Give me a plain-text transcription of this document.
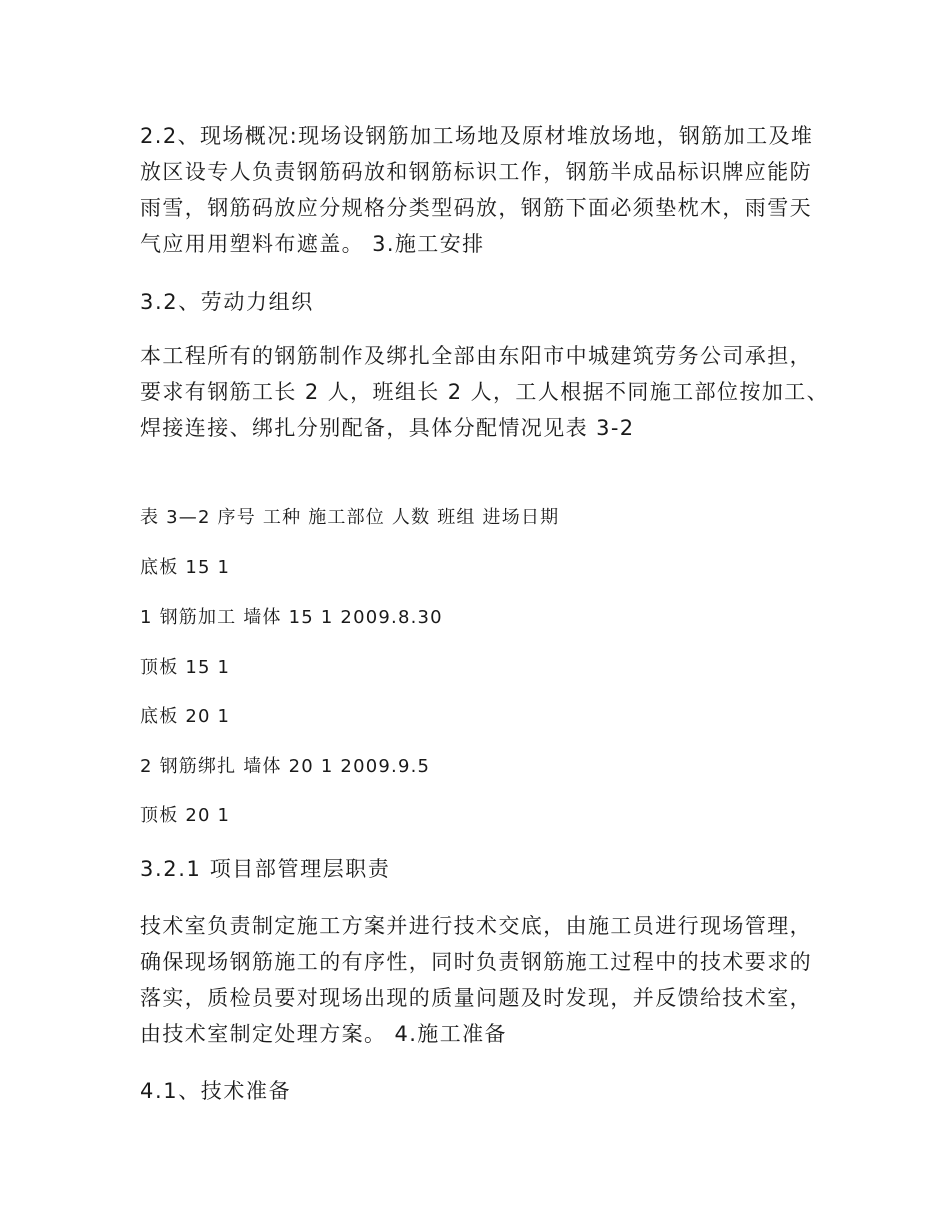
2.2、现场概况:现场设钢筋加工场地及原材堆放场地，钢筋加工及堆放区设专人负责钢筋码放和钢筋标识工作，钢筋半成品标识牌应能防雨雪，钢筋码放应分规格分类型码放，钢筋下面必须垫枕木，雨雪天气应用用塑料布遮盖。 3.施工安排

3.2、劳动力组织

本工程所有的钢筋制作及绑扎全部由东阳市中城建筑劳务公司承担，要求有钢筋工长 2 人，班组长 2 人，工人根据不同施工部位按加工、焊接连接、绑扎分别配备，具体分配情况见表 3-2

表 3—2 序号 工种 施工部位 人数 班组 进场日期

底板 15 1

1 钢筋加工 墙体 15 1 2009.8.30

顶板 15 1

底板 20 1

2 钢筋绑扎 墙体 20 1 2009.9.5

顶板 20 1

3.2.1 项目部管理层职责

技术室负责制定施工方案并进行技术交底，由施工员进行现场管理，确保现场钢筋施工的有序性，同时负责钢筋施工过程中的技术要求的落实，质检员要对现场出现的质量问题及时发现，并反馈给技术室，由技术室制定处理方案。 4.施工准备

4.1、技术准备
